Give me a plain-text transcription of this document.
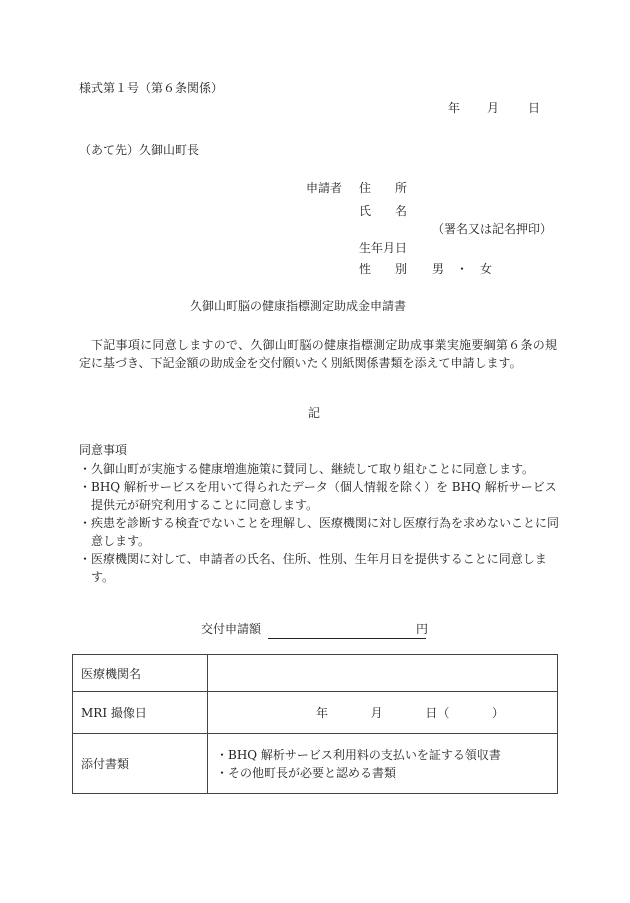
様式第１号（第６条関係）
年 月 日
（あて先）久御山町長
申請者 住　　所
氏　　名
（署名又は記名押印）
生年月日
性　　別 男　・　女
久御山町脳の健康指標測定助成金申請書
下記事項に同意しますので、久御山町脳の健康指標測定助成事業実施要綱第６条の規定に基づき、下記金額の助成金を交付願いたく別紙関係書類を添えて申請します。
記
同意事項
・ 久御山町が実施する健康増進施策に賛同し、継続して取り組むことに同意します。
・ BHQ 解析サービスを用いて得られたデータ（個人情報を除く）を BHQ 解析サービス提供元が研究利用することに同意します。
・ 疾患を診断する検査でないことを理解し、医療機関に対し医療行為を求めないことに同意します。
・ 医療機関に対して、申請者の氏名、住所、性別、生年月日を提供することに同意します。
交付申請額	円
医療機関名	
MRI 撮像日	年 月 日（ ）

添付書類	・BHQ 解析サービス利用料の支払いを証する領収書
・その他町長が必要と認める書類
